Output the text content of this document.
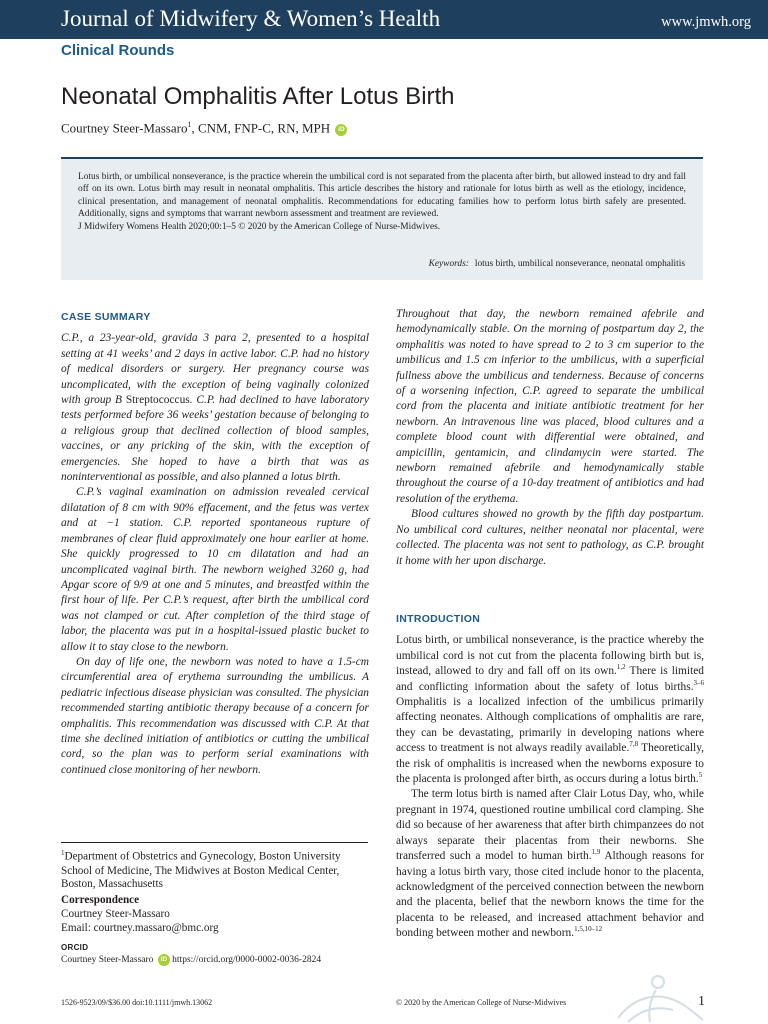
Journal of Midwifery & Women’s Health	www.jmwh.org
Clinical Rounds
Neonatal Omphalitis After Lotus Birth
Courtney Steer-Massaro$^1$, CNM, FNP-C, RN, MPH iD

Lotus birth, or umbilical nonseverance, is the practice wherein the umbilical cord is not separated from the placenta after birth, but allowed instead to dry and fall off on its own. Lotus birth may result in neonatal omphalitis. This article describes the history and rationale for lotus birth as well as the etiology, incidence, clinical presentation, and management of neonatal omphalitis. Recommendations for educating families how to perform lotus birth safely are presented. Additionally, signs and symptoms that warrant newborn assessment and treatment are reviewed.

J Midwifery Womens Health 2020;00:1–5 © 2020 by the American College of Nurse-Midwives.

Keywords: lotus birth, umbilical nonseverance, neonatal omphalitis
CASE SUMMARY

C.P., a 23-year-old, gravida 3 para 2, presented to a hospital setting at 41 weeks’ and 2 days in active labor. C.P. had no history of medical disorders or surgery. Her pregnancy course was uncomplicated, with the exception of being vaginally colonized with group B Streptococcus. C.P. had declined to have laboratory tests performed before 36 weeks’ gestation because of belonging to a religious group that declined collection of blood samples, vaccines, or any pricking of the skin, with the exception of emergencies. She hoped to have a birth that was as noninterventional as possible, and also planned a lotus birth.

C.P.’s vaginal examination on admission revealed cervical dilatation of 8 cm with 90% effacement, and the fetus was vertex and at −1 station. C.P. reported spontaneous rupture of membranes of clear fluid approximately one hour earlier at home. She quickly progressed to 10 cm dilatation and had an uncomplicated vaginal birth. The newborn weighed 3260 g, had Apgar score of 9/9 at one and 5 minutes, and breastfed within the first hour of life. Per C.P.’s request, after birth the umbilical cord was not clamped or cut. After completion of the third stage of labor, the placenta was put in a hospital-issued plastic bucket to allow it to stay close to the newborn.

On day of life one, the newborn was noted to have a 1.5-cm circumferential area of erythema surrounding the umbilicus. A pediatric infectious disease physician was consulted. The physician recommended starting antibiotic therapy because of a concern for omphalitis. This recommendation was discussed with C.P. At that time she declined initiation of antibiotics or cutting the umbilical cord, so the plan was to perform serial examinations with continued close monitoring of her newborn.

Throughout that day, the newborn remained afebrile and hemodynamically stable. On the morning of postpartum day 2, the omphalitis was noted to have spread to 2 to 3 cm superior to the umbilicus and 1.5 cm inferior to the umbilicus, with a superficial fullness above the umbilicus and tenderness. Because of concerns of a worsening infection, C.P. agreed to separate the umbilical cord from the placenta and initiate antibiotic treatment for her newborn. An intravenous line was placed, blood cultures and a complete blood count with differential were obtained, and ampicillin, gentamicin, and clindamycin were started. The newborn remained afebrile and hemodynamically stable throughout the course of a 10-day treatment of antibiotics and had resolution of the erythema.

Blood cultures showed no growth by the fifth day postpartum. No umbilical cord cultures, neither neonatal nor placental, were collected. The placenta was not sent to pathology, as C.P. brought it home with her upon discharge.

INTRODUCTION

Lotus birth, or umbilical nonseverance, is the practice whereby the umbilical cord is not cut from the placenta following birth but is, instead, allowed to dry and fall off on its own.$^{1,2}$ There is limited and conflicting information about the safety of lotus births.$^{3-6}$ Omphalitis is a localized infection of the umbilicus primarily affecting neonates. Although complications of omphalitis are rare, they can be devastating, primarily in developing nations where access to treatment is not always readily available.$^{7,8}$ Theoretically, the risk of omphalitis is increased when the newborns exposure to the placenta is prolonged after birth, as occurs during a lotus birth.$^5$

The term lotus birth is named after Clair Lotus Day, who, while pregnant in 1974, questioned routine umbilical cord clamping. She did so because of her awareness that after birth chimpanzees do not always separate their placentas from their newborns. She transferred such a model to human birth.$^{1,9}$ Although reasons for having a lotus birth vary, those cited include honor to the placenta, acknowledgment of the perceived connection between the newborn and the placenta, belief that the newborn knows the time for the placenta to be released, and increased attachment behavior and bonding between mother and newborn.$^{1,5,10-12}$

$^1$Department of Obstetrics and Gynecology, Boston University School of Medicine, The Midwives at Boston Medical Center, Boston, Massachusetts

Correspondence

Courtney Steer-Massaro

Email: courtney.massaro@bmc.org

ORCID

Courtney Steer-Massaro iD https://orcid.org/0000-0002-0036-2824

1526-9523/09/$36.00 doi:10.1111/jmwh.13062	© 2020 by the American College of Nurse-Midwives	1
